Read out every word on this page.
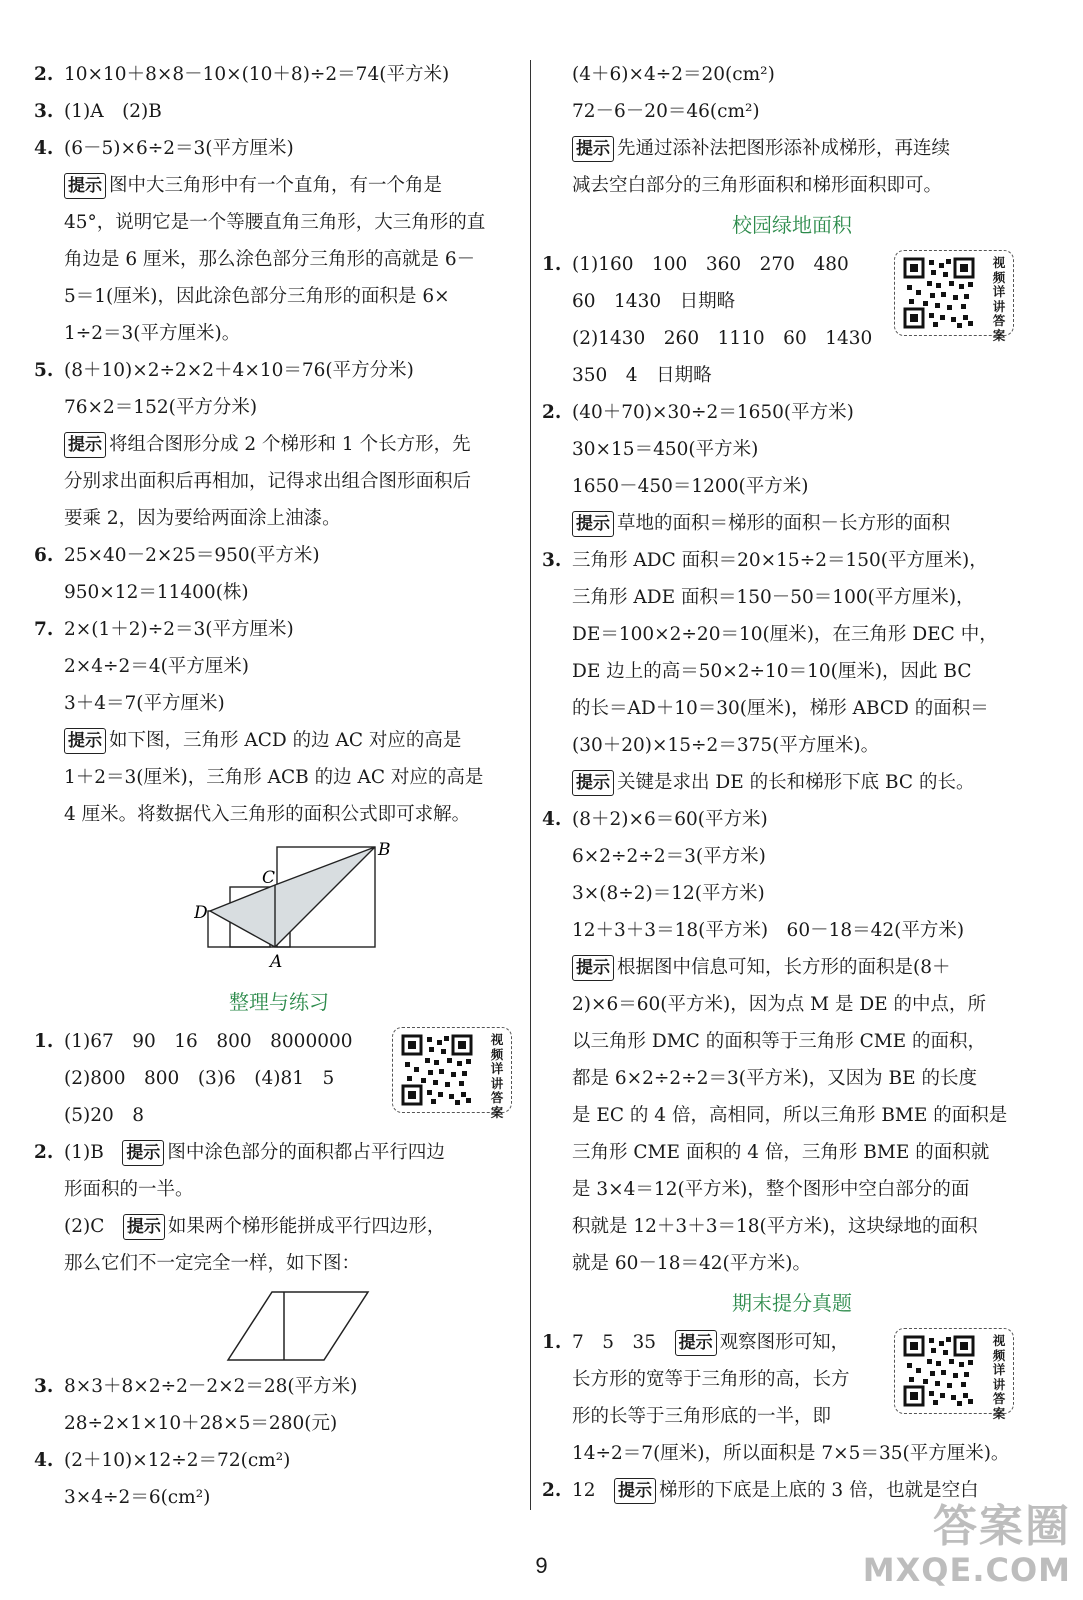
2. 10×10＋8×8－10×(10＋8)÷2＝74(平方米)
3. (1)A　(2)B
4. (6－5)×6÷2＝3(平方厘米)
提示 图中大三角形中有一个直角，有一个角是
45°，说明它是一个等腰直角三角形，大三角形的直
角边是 6 厘米，那么涂色部分三角形的高就是 6－
5＝1(厘米)，因此涂色部分三角形的面积是 6×
1÷2＝3(平方厘米)。
5. (8＋10)×2÷2×2＋4×10＝76(平方分米)
76×2＝152(平方分米)
提示 将组合图形分成 2 个梯形和 1 个长方形，先
分别求出面积后再相加，记得求出组合图形面积后
要乘 2，因为要给两面涂上油漆。
6. 25×40－2×25＝950(平方米)
950×12＝11400(株)
7. 2×(1＋2)÷2＝3(平方厘米)
2×4÷2＝4(平方厘米)
3＋4＝7(平方厘米)
提示 如下图，三角形 ACD 的边 AC 对应的高是
1＋2＝3(厘米)，三角形 ACB 的边 AC 对应的高是
4 厘米。将数据代入三角形的面积公式即可求解。
B
C
D
A
整理与练习
视频详讲答案
1. (1)67　90　16　800　8000000
(2)800　800　(3)6　(4)81　5
(5)20　8
2. (1)B　提示 图中涂色部分的面积都占平行四边
形面积的一半。
(2)C　提示 如果两个梯形能拼成平行四边形，
那么它们不一定完全一样，如下图：
3. 8×3＋8×2÷2－2×2＝28(平方米)
28÷2×1×10＋28×5＝280(元)
4. (2＋10)×12÷2＝72(cm²)
3×4÷2＝6(cm²)
(4＋6)×4÷2＝20(cm²)
72－6－20＝46(cm²)
提示 先通过添补法把图形添补成梯形，再连续
减去空白部分的三角形面积和梯形面积即可。
校园绿地面积
视频详讲答案
1. (1)160　100　360　270　480
60　1430　日期略
(2)1430　260　1110　60　1430
350　4　日期略
2. (40＋70)×30÷2＝1650(平方米)
30×15＝450(平方米)
1650－450＝1200(平方米)
提示 草地的面积＝梯形的面积－长方形的面积
3. 三角形 ADC 面积＝20×15÷2＝150(平方厘米)，
三角形 ADE 面积＝150－50＝100(平方厘米)，
DE＝100×2÷20＝10(厘米)，在三角形 DEC 中，
DE 边上的高＝50×2÷10＝10(厘米)，因此 BC
的长＝AD＋10＝30(厘米)，梯形 ABCD 的面积＝
(30＋20)×15÷2＝375(平方厘米)。
提示 关键是求出 DE 的长和梯形下底 BC 的长。
4. (8＋2)×6＝60(平方米)
6×2÷2÷2＝3(平方米)
3×(8÷2)＝12(平方米)
12＋3＋3＝18(平方米)　60－18＝42(平方米)
提示 根据图中信息可知，长方形的面积是(8＋
2)×6＝60(平方米)，因为点 M 是 DE 的中点，所
以三角形 DMC 的面积等于三角形 CME 的面积，
都是 6×2÷2÷2＝3(平方米)，又因为 BE 的长度
是 EC 的 4 倍，高相同，所以三角形 BME 的面积是
三角形 CME 面积的 4 倍，三角形 BME 的面积就
是 3×4＝12(平方米)，整个图形中空白部分的面
积就是 12＋3＋3＝18(平方米)，这块绿地的面积
就是 60－18＝42(平方米)。
期末提分真题
视频详讲答案
1. 7　5　35　提示 观察图形可知，
长方形的宽等于三角形的高，长方
形的长等于三角形底的一半，即
14÷2＝7(厘米)，所以面积是 7×5＝35(平方厘米)。
2. 12　提示 梯形的下底是上底的 3 倍，也就是空白
9
答案圈
MXQE.COM
